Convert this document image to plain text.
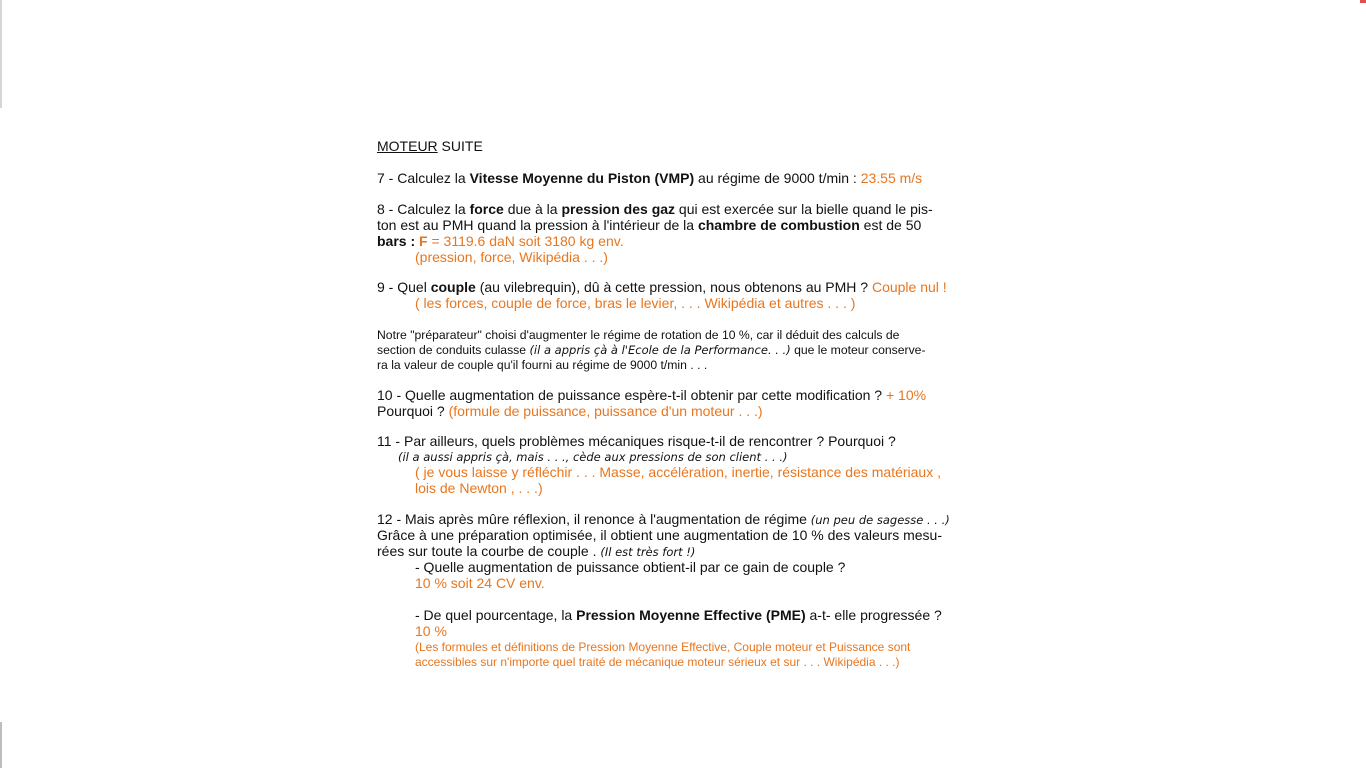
MOTEUR SUITE
7 - Calculez la Vitesse Moyenne du Piston (VMP) au régime de 9000 t/min : 23.55 m/s
8 - Calculez la force due à la pression des gaz qui est exercée sur la bielle quand le pis-
ton est au PMH quand la pression à l'intérieur de la chambre de combustion est de 50
bars : F = 3119.6 daN soit 3180 kg env.
(pression, force, Wikipédia . . .)
9 - Quel couple (au vilebrequin), dû à cette pression, nous obtenons au PMH ? Couple nul !
( les forces, couple de force, bras le levier, . . . Wikipédia et autres . . . )
Notre "préparateur" choisi d'augmenter le régime de rotation de 10 %, car il déduit des calculs de
section de conduits culasse (il a appris çà à l'Ecole de la Performance. . .) que le moteur conserve-
ra la valeur de couple qu'il fourni au régime de 9000 t/min . . .
10 - Quelle augmentation de puissance espère-t-il obtenir par cette modification ? + 10%
Pourquoi ? (formule de puissance, puissance d'un moteur . . .)
11 - Par ailleurs, quels problèmes mécaniques risque-t-il de rencontrer ? Pourquoi ?
(il a aussi appris çà, mais . . ., cède aux pressions de son client . . .)
( je vous laisse y réfléchir . . . Masse, accélération, inertie, résistance des matériaux ,
lois de Newton , . . .)
12 - Mais après mûre réflexion, il renonce à l'augmentation de régime (un peu de sagesse . . .)
Grâce à une préparation optimisée, il obtient une augmentation de 10 % des valeurs mesu-
rées sur toute la courbe de couple . (Il est très fort !)
- Quelle augmentation de puissance obtient-il par ce gain de couple ?
10 % soit 24 CV env.
- De quel pourcentage, la Pression Moyenne Effective (PME) a-t- elle progressée ?
10 %
(Les formules et définitions de Pression Moyenne Effective, Couple moteur et Puissance sont
accessibles sur n'importe quel traité de mécanique moteur sérieux et sur . . . Wikipédia . . .)
